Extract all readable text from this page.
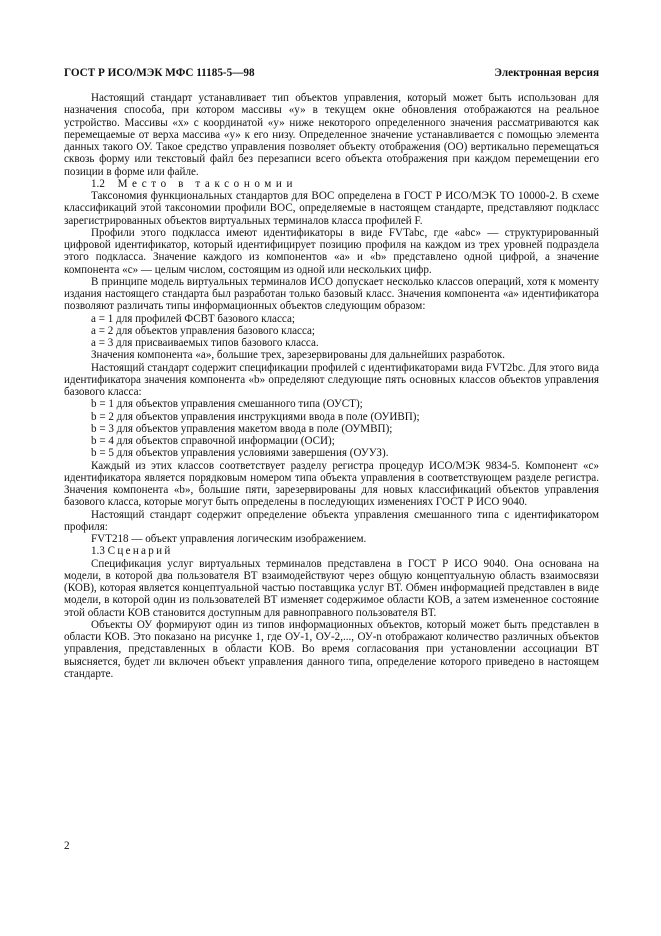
ГОСТ Р ИСО/МЭК МФС 11185-5—98	Электронная версия

Настоящий стандарт устанавливает тип объектов управления, который может быть использован для назначения способа, при котором массивы «у» в текущем окне обновления отображаются на реальное устройство. Массивы «х» с координатой «у» ниже некоторого определенного значения рассматриваются как перемещаемые от верха массива «у» к его низу. Определенное значение устанавливается с помощью элемента данных такого ОУ. Такое средство управления позволяет объекту отображения (ОО) вертикально перемещаться сквозь форму или текстовый файл без перезаписи всего объекта отображения при каждом перемещении его позиции в форме или файле.

1.2 Место в таксономии

Таксономия функциональных стандартов для ВОС определена в ГОСТ Р ИСО/МЭК ТО 10000-2. В схеме классификаций этой таксономии профили ВОС, определяемые в настоящем стандарте, представляют подкласс зарегистрированных объектов виртуальных терминалов класса профилей F.

Профили этого подкласса имеют идентификаторы в виде FVTabc, где «abc» — структурированный цифровой идентификатор, который идентифицирует позицию профиля на каждом из трех уровней подраздела этого подкласса. Значение каждого из компонентов «а» и «b» представлено одной цифрой, а значение компонента «с» — целым числом, состоящим из одной или нескольких цифр.

В принципе модель виртуальных терминалов ИСО допускает несколько классов операций, хотя к моменту издания настоящего стандарта был разработан только базовый класс. Значения компонента «а» идентификатора позволяют различать типы информационных объектов следующим образом:

а = 1 для профилей ФСВТ базового класса;

а = 2 для объектов управления базового класса;

а = 3 для присваиваемых типов базового класса.

Значения компонента «а», большие трех, зарезервированы для дальнейших разработок.

Настоящий стандарт содержит спецификации профилей с идентификаторами вида FVT2bc. Для этого вида идентификатора значения компонента «b» определяют следующие пять основных классов объектов управления базового класса:

b = 1 для объектов управления смешанного типа (ОУСТ);

b = 2 для объектов управления инструкциями ввода в поле (ОУИВП);

b = 3 для объектов управления макетом ввода в поле (ОУМВП);

b = 4 для объектов справочной информации (ОСИ);

b = 5 для объектов управления условиями завершения (ОУУЗ).

Каждый из этих классов соответствует разделу регистра процедур ИСО/МЭК 9834-5. Компонент «с» идентификатора является порядковым номером типа объекта управления в соответствующем разделе регистра. Значения компонента «b», большие пяти, зарезервированы для новых классификаций объектов управления базового класса, которые могут быть определены в последующих изменениях ГОСТ Р ИСО 9040.

Настоящий стандарт содержит определение объекта управления смешанного типа с идентификатором профиля:

FVT218 — объект управления логическим изображением.

1.3 Сценарий

Спецификация услуг виртуальных терминалов представлена в ГОСТ Р ИСО 9040. Она основана на модели, в которой два пользователя ВТ взаимодействуют через общую концептуальную область взаимосвязи (КОВ), которая является концептуальной частью поставщика услуг ВТ. Обмен информацией представлен в виде модели, в которой один из пользователей ВТ изменяет содержимое области КОВ, а затем измененное состояние этой области КОВ становится доступным для равноправного пользователя ВТ.

Объекты ОУ формируют один из типов информационных объектов, который может быть представлен в области КОВ. Это показано на рисунке 1, где ОУ-1, ОУ-2,..., ОУ-n отображают количество различных объектов управления, представленных в области КОВ. Во время согласования при установлении ассоциации ВТ выясняется, будет ли включен объект управления данного типа, определение которого приведено в настоящем стандарте.

2
